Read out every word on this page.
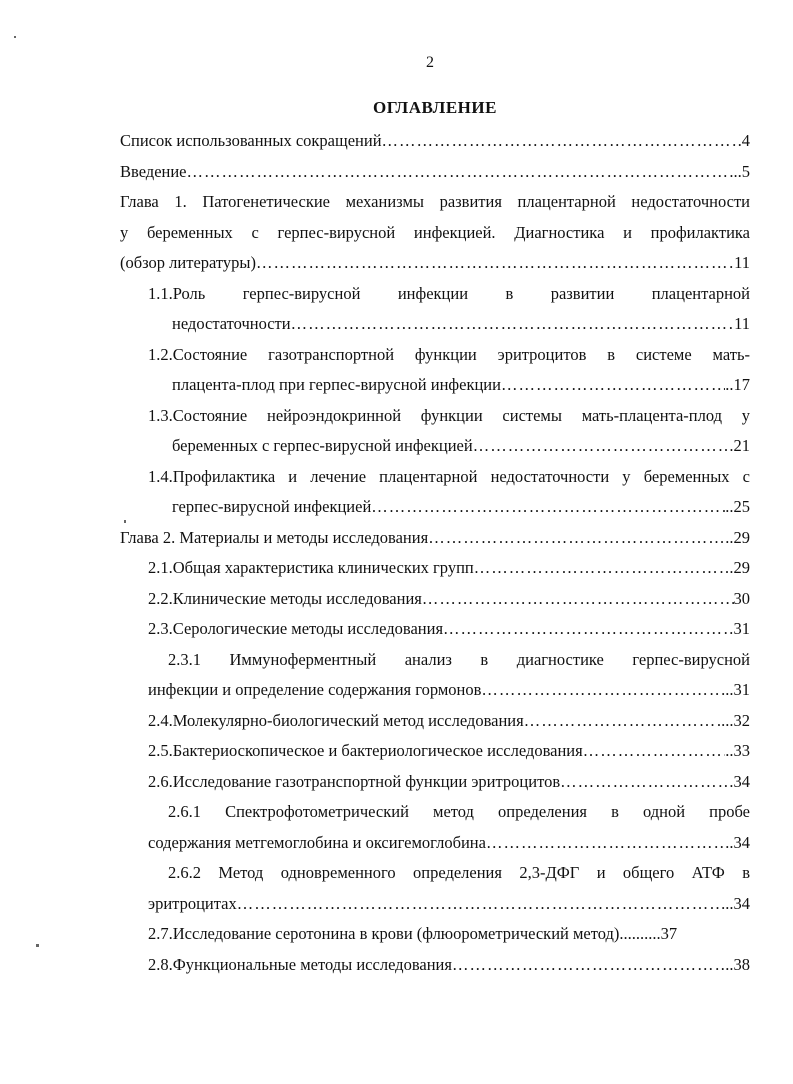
2
ОГЛАВЛЕНИЕ
Список использованных сокращений ……………………………………………………………………………………………………………………………………………………………………………………	4
Введение ……………………………………………………………………………………………………………………………………………………………………………………	...5
Глава 1. Патогенетические механизмы развития плацентарной недостаточности
у беременных с герпес-вирусной инфекцией. Диагностика и профилактика
(обзор литературы) ……………………………………………………………………………………………………………………………………………………………………………………	11
1.1.Роль герпес-вирусной инфекции в развитии плацентарной
недостаточности ……………………………………………………………………………………………………………………………………………………………………………………	11
1.2.Состояние газотранспортной функции эритроцитов в системе мать-
плацента-плод при герпес-вирусной инфекции ……………………………………………………………………………………………………………………………………………………………………………………	..17
1.3.Состояние нейроэндокринной функции системы мать-плацента-плод у
беременных с герпес-вирусной инфекцией ……………………………………………………………………………………………………………………………………………………………………………………	.21
1.4.Профилактика и лечение плацентарной недостаточности у беременных с
герпес-вирусной инфекцией ……………………………………………………………………………………………………………………………………………………………………………………	..25
Глава 2. Материалы и методы исследования ……………………………………………………………………………………………………………………………………………………………………………………	..29
2.1.Общая характеристика клинических групп ……………………………………………………………………………………………………………………………………………………………………………………	.29
2.2.Клинические методы исследования ……………………………………………………………………………………………………………………………………………………………………………………	30
2.3.Серологические методы исследования ……………………………………………………………………………………………………………………………………………………………………………………	31
2.3.1 Иммуноферментный анализ в диагностике герпес-вирусной
инфекции и определение содержания гормонов ……………………………………………………………………………………………………………………………………………………………………………………	...31
2.4.Молекулярно-биологический метод исследования ……………………………………………………………………………………………………………………………………………………………………………………	...32
2.5.Бактериоскопическое и бактериологическое исследования ……………………………………………………………………………………………………………………………………………………………………………………	..33
2.6.Исследование газотранспортной функции эритроцитов ……………………………………………………………………………………………………………………………………………………………………………………	34
2.6.1 Спектрофотометрический метод определения в одной пробе
содержания метгемоглобина и оксигемоглобина ……………………………………………………………………………………………………………………………………………………………………………………	.34
2.6.2 Метод одновременного определения 2,3-ДФГ и общего АТФ в
эритроцитах ……………………………………………………………………………………………………………………………………………………………………………………	...34
2.7.Исследование серотонина в крови (флюорометрический метод) ..........37
2.8.Функциональные методы исследования ……………………………………………………………………………………………………………………………………………………………………………………	..38
